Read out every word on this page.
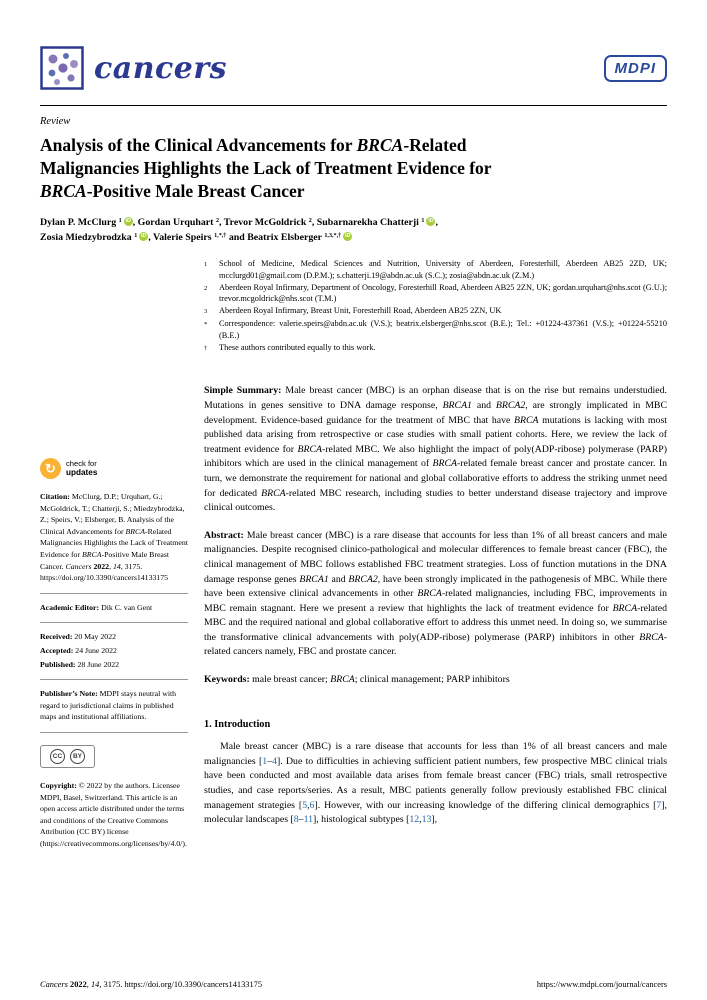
cancers	MDPI
Review
Analysis of the Clinical Advancements for BRCA-Related
Malignancies Highlights the Lack of Treatment Evidence for
BRCA-Positive Male Breast Cancer
Dylan P. McClurg $^1$ iD , Gordan Urquhart $^2$, Trevor McGoldrick $^2$, Subarnarekha Chatterji $^1$ iD ,
Zosia Miedzybrodzka $^1$ iD , Valerie Speirs $^{1,*,\dagger}$ and Beatrix Elsberger $^{1,3,*,\dagger}$ iD
↻	check for
updates
Citation: McClurg, D.P.; Urquhart, G.; McGoldrick, T.; Chatterji, S.; Miedzybrodzka, Z.; Speirs, V.; Elsberger, B. Analysis of the Clinical Advancements for BRCA-Related Malignancies Highlights the Lack of Treatment Evidence for BRCA-Positive Male Breast Cancer. Cancers 2022, 14, 3175. https://doi.org/10.3390/cancers14133175
Academic Editor: Dik C. van Gent
Received: 20 May 2022
Accepted: 24 June 2022
Published: 28 June 2022
Publisher’s Note: MDPI stays neutral with regard to jurisdictional claims in published maps and institutional affiliations.
CC	BY
Copyright: © 2022 by the authors. Licensee MDPI, Basel, Switzerland. This article is an open access article distributed under the terms and conditions of the Creative Commons Attribution (CC BY) license (https://creativecommons.org/licenses/by/4.0/).
1	School of Medicine, Medical Sciences and Nutrition, University of Aberdeen, Foresterhill, Aberdeen AB25 2ZD, UK; mcclurgd01@gmail.com (D.P.M.); s.chatterji.19@abdn.ac.uk (S.C.); zosia@abdn.ac.uk (Z.M.)
2	Aberdeen Royal Infirmary, Department of Oncology, Foresterhill Road, Aberdeen AB25 2ZN, UK; gordan.urquhart@nhs.scot (G.U.); trevor.mcgoldrick@nhs.scot (T.M.)
3	Aberdeen Royal Infirmary, Breast Unit, Foresterhill Road, Aberdeen AB25 2ZN, UK
*	Correspondence: valerie.speirs@abdn.ac.uk (V.S.); beatrix.elsberger@nhs.scot (B.E.); Tel.: +01224-437361 (V.S.); +01224-55210 (B.E.)
†	These authors contributed equally to this work.

Simple Summary: Male breast cancer (MBC) is an orphan disease that is on the rise but remains understudied. Mutations in genes sensitive to DNA damage response, BRCA1 and BRCA2, are strongly implicated in MBC development. Evidence-based guidance for the treatment of MBC that have BRCA mutations is lacking with most published data arising from retrospective or case studies with small patient cohorts. Here, we review the lack of treatment evidence for BRCA-related MBC. We also highlight the impact of poly(ADP-ribose) polymerase (PARP) inhibitors which are used in the clinical management of BRCA-related female breast cancer and prostate cancer. In turn, we demonstrate the requirement for national and global collaborative efforts to address the striking unmet need for dedicated BRCA-related MBC research, including studies to better understand disease trajectory and improve clinical outcomes.

Abstract: Male breast cancer (MBC) is a rare disease that accounts for less than 1% of all breast cancers and male malignancies. Despite recognised clinico-pathological and molecular differences to female breast cancer (FBC), the clinical management of MBC follows established FBC treatment strategies. Loss of function mutations in the DNA damage response genes BRCA1 and BRCA2, have been strongly implicated in the pathogenesis of MBC. While there have been extensive clinical advancements in other BRCA-related malignancies, including FBC, improvements in MBC remain stagnant. Here we present a review that highlights the lack of treatment evidence for BRCA-related MBC and the required national and global collaborative effort to address this unmet need. In doing so, we summarise the transformative clinical advancements with poly(ADP-ribose) polymerase (PARP) inhibitors in other BRCA-related cancers namely, FBC and prostate cancer.

Keywords: male breast cancer; BRCA; clinical management; PARP inhibitors

1. Introduction

Male breast cancer (MBC) is a rare disease that accounts for less than 1% of all breast cancers and male malignancies [1–4]. Due to difficulties in achieving sufficient patient numbers, few prospective MBC clinical trials have been conducted and most available data arises from female breast cancer (FBC) trials, small retrospective studies, and case reports/series. As a result, MBC patients generally follow previously established FBC clinical management strategies [5,6]. However, with our increasing knowledge of the differing clinical demographics [7], molecular landscapes [8–11], histological subtypes [12,13],

Cancers 2022, 14, 3175. https://doi.org/10.3390/cancers14133175	https://www.mdpi.com/journal/cancers
